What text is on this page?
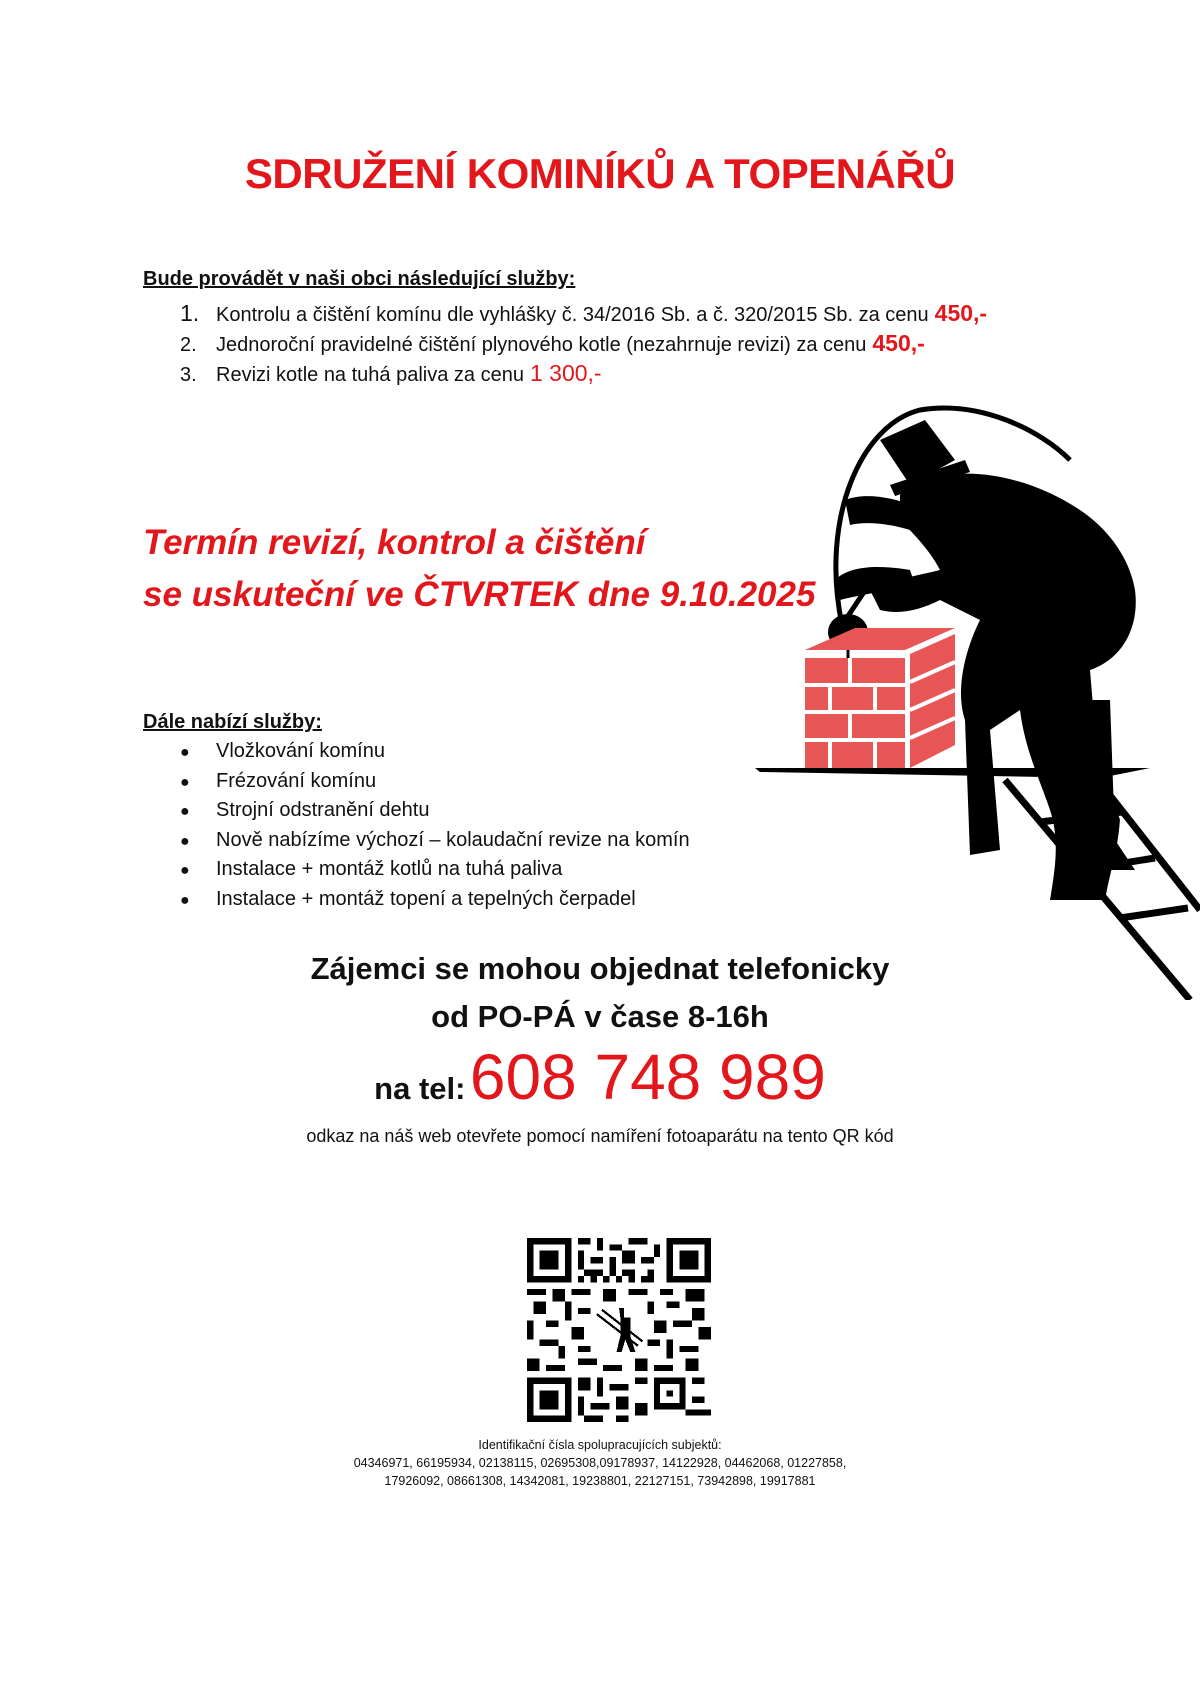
SDRUŽENÍ KOMINÍKŮ A TOPENÁŘŮ
Bude provádět v naši obci následující služby:
1. Kontrolu a čištění komínu dle vyhlášky č. 34/2016 Sb. a č. 320/2015 Sb. za cenu 450,-
2. Jednoroční pravidelné čištění plynového kotle (nezahrnuje revizi) za cenu 450,-
3. Revizi kotle na tuhá paliva za cenu 1 300,-
Termín revizí, kontrol a čištění
se uskuteční ve ČTVRTEK dne 9.10.2025
Dále nabízí služby:
●	Vložkování komínu
●	Frézování komínu
●	Strojní odstranění dehtu
●	Nově nabízíme výchozí – kolaudační revize na komín
●	Instalace + montáž kotlů na tuhá paliva
●	Instalace + montáž topení a tepelných čerpadel
Zájemci se mohou objednat telefonicky
od PO-PÁ v čase 8-16h
na tel: 608 748 989
odkaz na náš web otevřete pomocí namíření fotoaparátu na tento QR kód
Identifikační čísla spolupracujících subjektů:
04346971, 66195934, 02138115, 02695308,09178937, 14122928, 04462068, 01227858,
17926092, 08661308, 14342081, 19238801, 22127151, 73942898, 19917881
